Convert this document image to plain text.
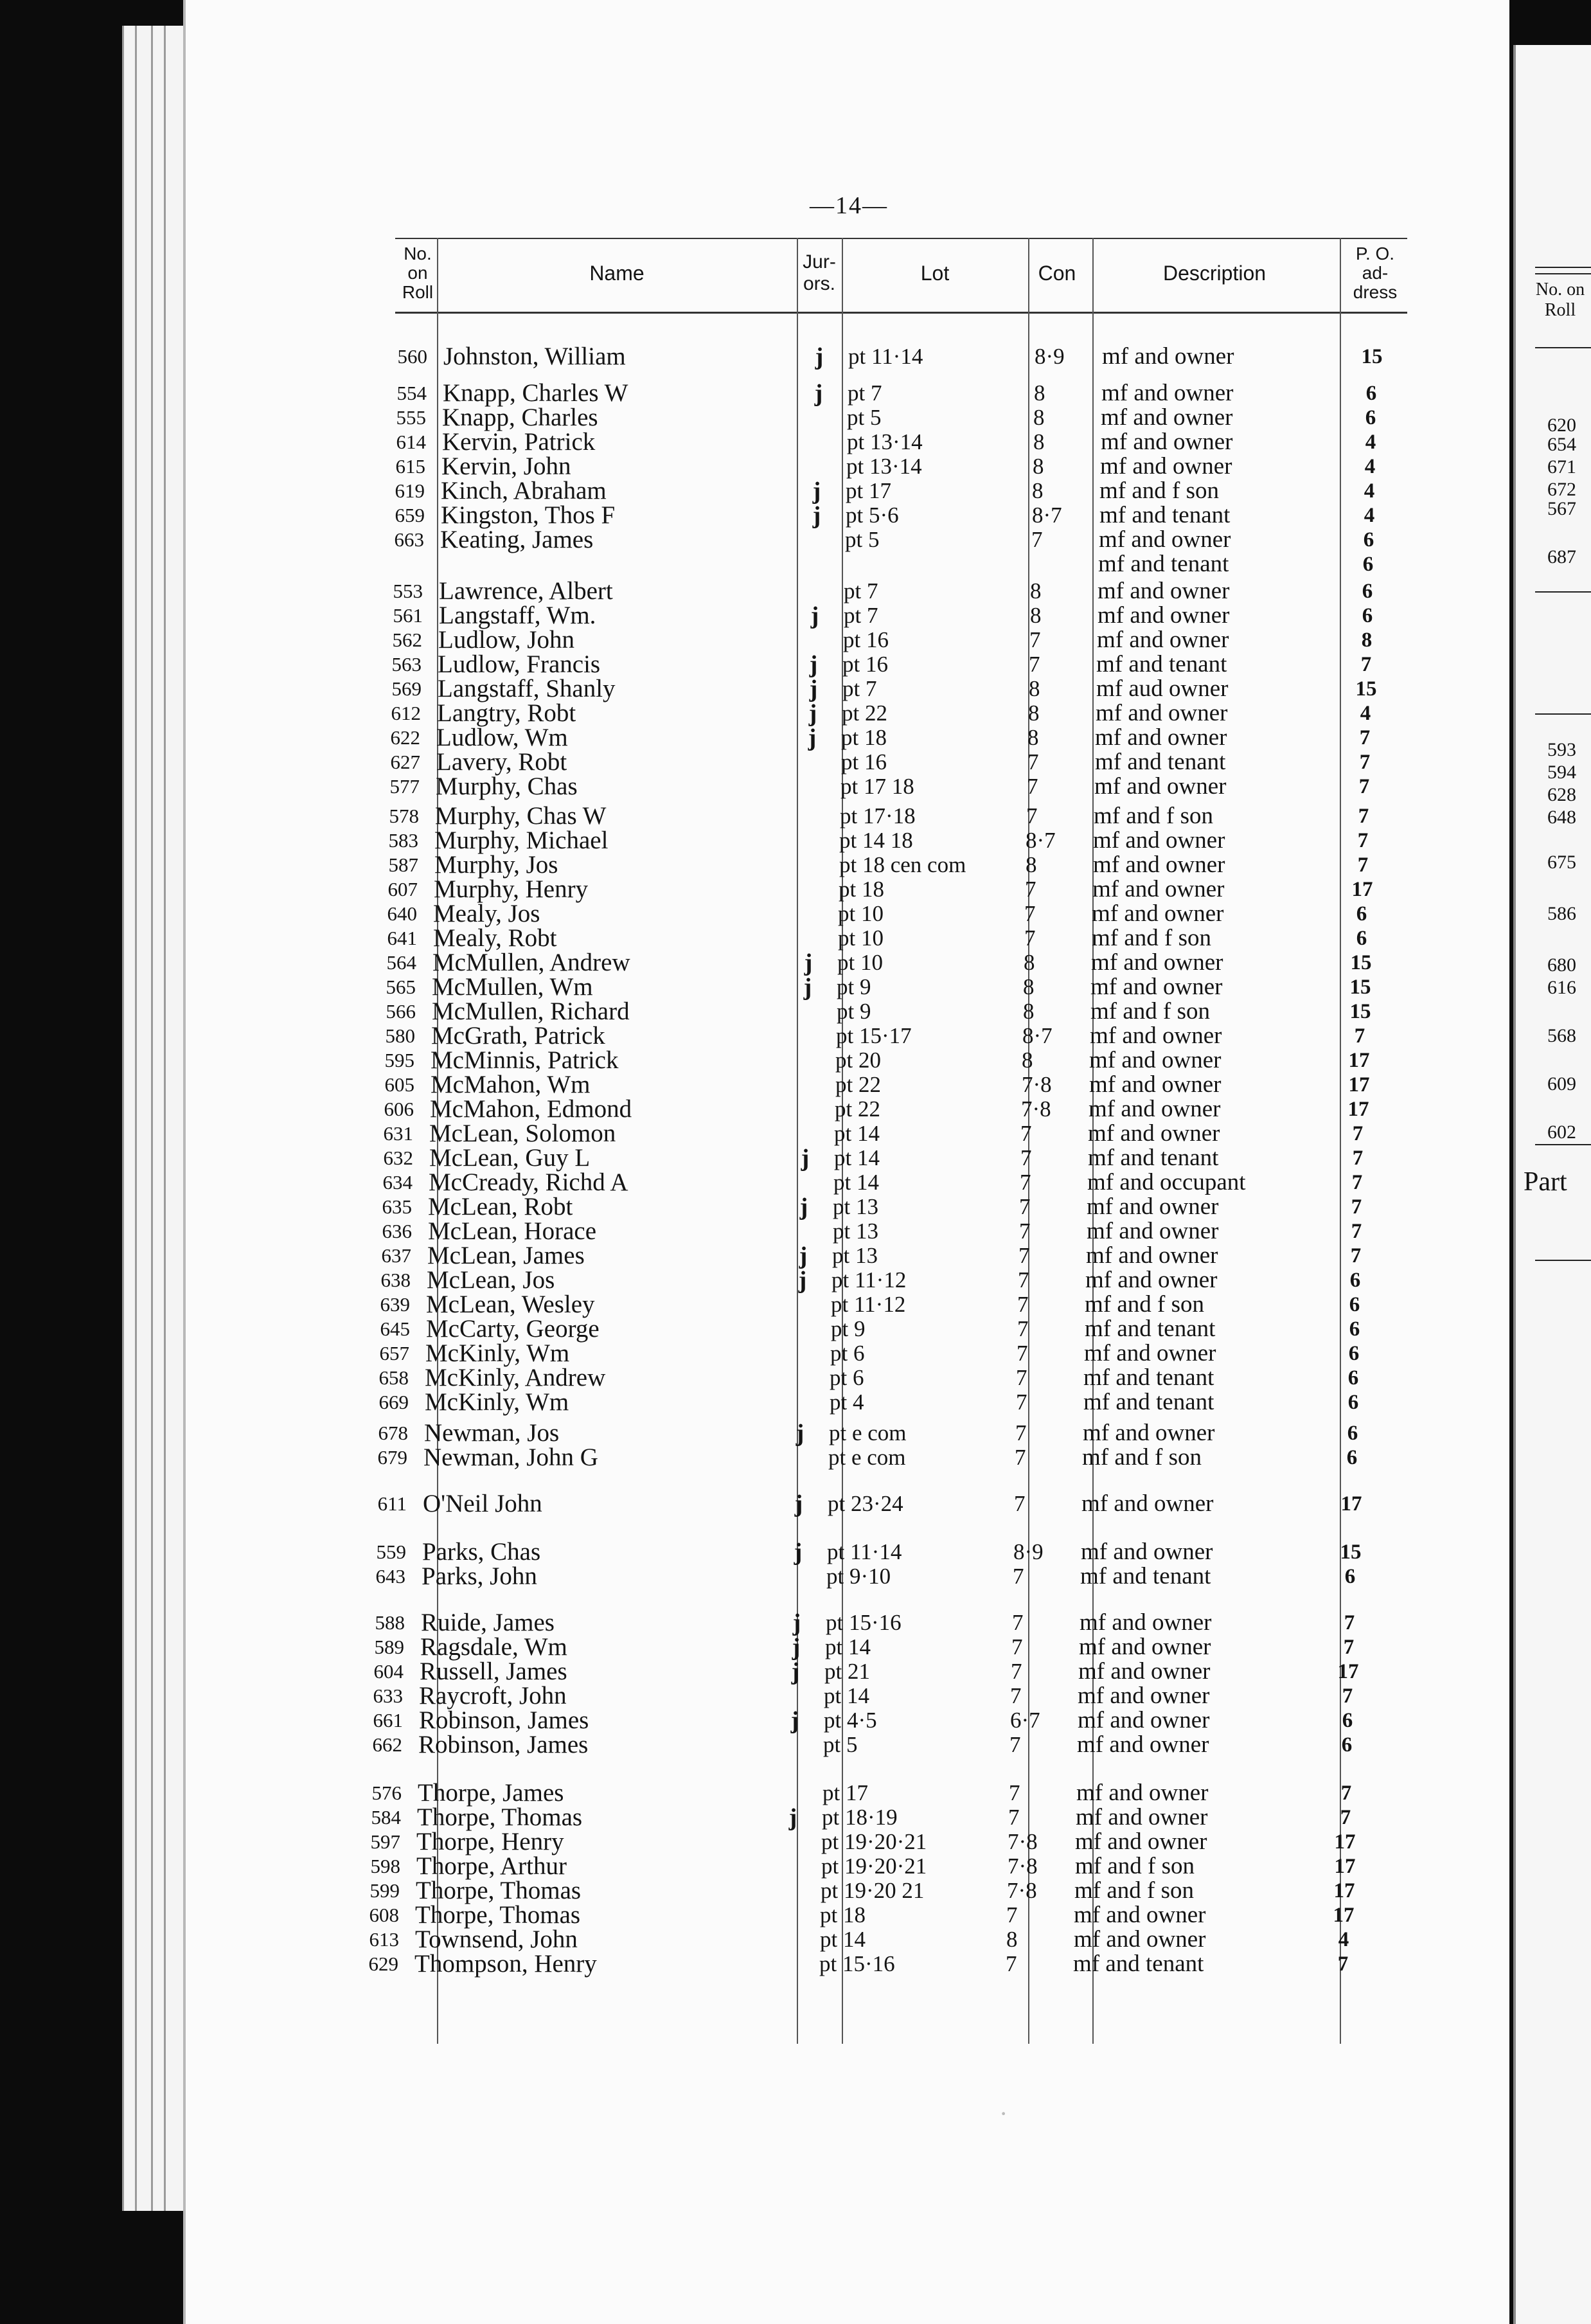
No. on Roll
620
654
671
672
567
687
593
594
628
648
675
586
680
616
568
609
602
Part
—14—
No. on Roll
Name	Jur- ors.	Lot	Con	Description
P. O. ad- dress
560 Johnston, William	j	pt 11·14	8·9 mf and owner	15
554 Knapp, Charles W	j	pt 7	8 mf and owner	6
555 Knapp, Charles	pt 5	8 mf and owner	6
614 Kervin, Patrick	pt 13·14	8 mf and owner	4
615 Kervin, John	pt 13·14	8 mf and owner	4
619 Kinch, Abraham	j	pt 17	8 mf and f son	4
659 Kingston, Thos F	j	pt 5·6	8·7 mf and tenant	4
663 Keating, James	pt 5	7 mf and owner	6
mf and tenant	6
553 Lawrence, Albert	pt 7	8 mf and owner	6
561 Langstaff, Wm.	j	pt 7	8 mf and owner	6
562 Ludlow, John	pt 16	7 mf and owner	8
563 Ludlow, Francis	j	pt 16	7 mf and tenant	7
569 Langstaff, Shanly	j	pt 7	8 mf aud owner	15
612 Langtry, Robt	j	pt 22	8 mf and owner	4
622 Ludlow, Wm	j	pt 18	8 mf and owner	7
627 Lavery, Robt	pt 16	7 mf and tenant	7
577 Murphy, Chas	pt 17 18	7 mf and owner	7
578 Murphy, Chas W	pt 17·18	7 mf and f son	7
583 Murphy, Michael	pt 14 18	8·7 mf and owner	7
587 Murphy, Jos	pt 18 cen com	8 mf and owner	7
607 Murphy, Henry	pt 18	7 mf and owner	17
640 Mealy, Jos	pt 10	7 mf and owner	6
641 Mealy, Robt	pt 10	7 mf and f son	6
564 McMullen, Andrew	j	pt 10	8 mf and owner	15
565 McMullen, Wm	j	pt 9	8 mf and owner	15
566 McMullen, Richard	pt 9	8 mf and f son	15
580 McGrath, Patrick	pt 15·17	8·7 mf and owner	7
595 McMinnis, Patrick	pt 20	8 mf and owner	17
605 McMahon, Wm	pt 22	7·8 mf and owner	17
606 McMahon, Edmond	pt 22	7·8 mf and owner	17
631 McLean, Solomon	pt 14	7 mf and owner	7
632 McLean, Guy L	j	pt 14	7 mf and tenant	7
634 McCready, Richd A	pt 14	7 mf and occupant	7
635 McLean, Robt	j	pt 13	7 mf and owner	7
636 McLean, Horace	pt 13	7 mf and owner	7
637 McLean, James	j	pt 13	7 mf and owner	7
638 McLean, Jos	j	pt 11·12	7 mf and owner	6
639 McLean, Wesley	pt 11·12	7 mf and f son	6
645 McCarty, George	pt 9	7 mf and tenant	6
657 McKinly, Wm	pt 6	7 mf and owner	6
658 McKinly, Andrew	pt 6	7 mf and tenant	6
669 McKinly, Wm	pt 4	7 mf and tenant	6
678 Newman, Jos	j	pt e com	7 mf and owner	6
679 Newman, John G	pt e com	7 mf and f son	6
611 O'Neil John	j	pt 23·24	7 mf and owner	17
559 Parks, Chas	j	pt 11·14	8·9 mf and owner	15
643 Parks, John	pt 9·10	7 mf and tenant	6
588 Ruide, James	j	pt 15·16	7 mf and owner	7
589 Ragsdale, Wm	j	pt 14	7 mf and owner	7
604 Russell, James	j	pt 21	7 mf and owner	17
633 Raycroft, John	pt 14	7 mf and owner	7
661 Robinson, James	j	pt 4·5	6·7 mf and owner	6
662 Robinson, James	pt 5	7 mf and owner	6
576 Thorpe, James	pt 17	7 mf and owner	7
584 Thorpe, Thomas	j	pt 18·19	7 mf and owner	7
597 Thorpe, Henry	pt 19·20·21	7·8 mf and owner	17
598 Thorpe, Arthur	pt 19·20·21	7·8 mf and f son	17
599 Thorpe, Thomas	pt 19·20 21	7·8 mf and f son	17
608 Thorpe, Thomas	pt 18	7 mf and owner	17
613 Townsend, John	pt 14	8 mf and owner	4
629 Thompson, Henry	pt 15·16	7 mf and tenant	7
·
